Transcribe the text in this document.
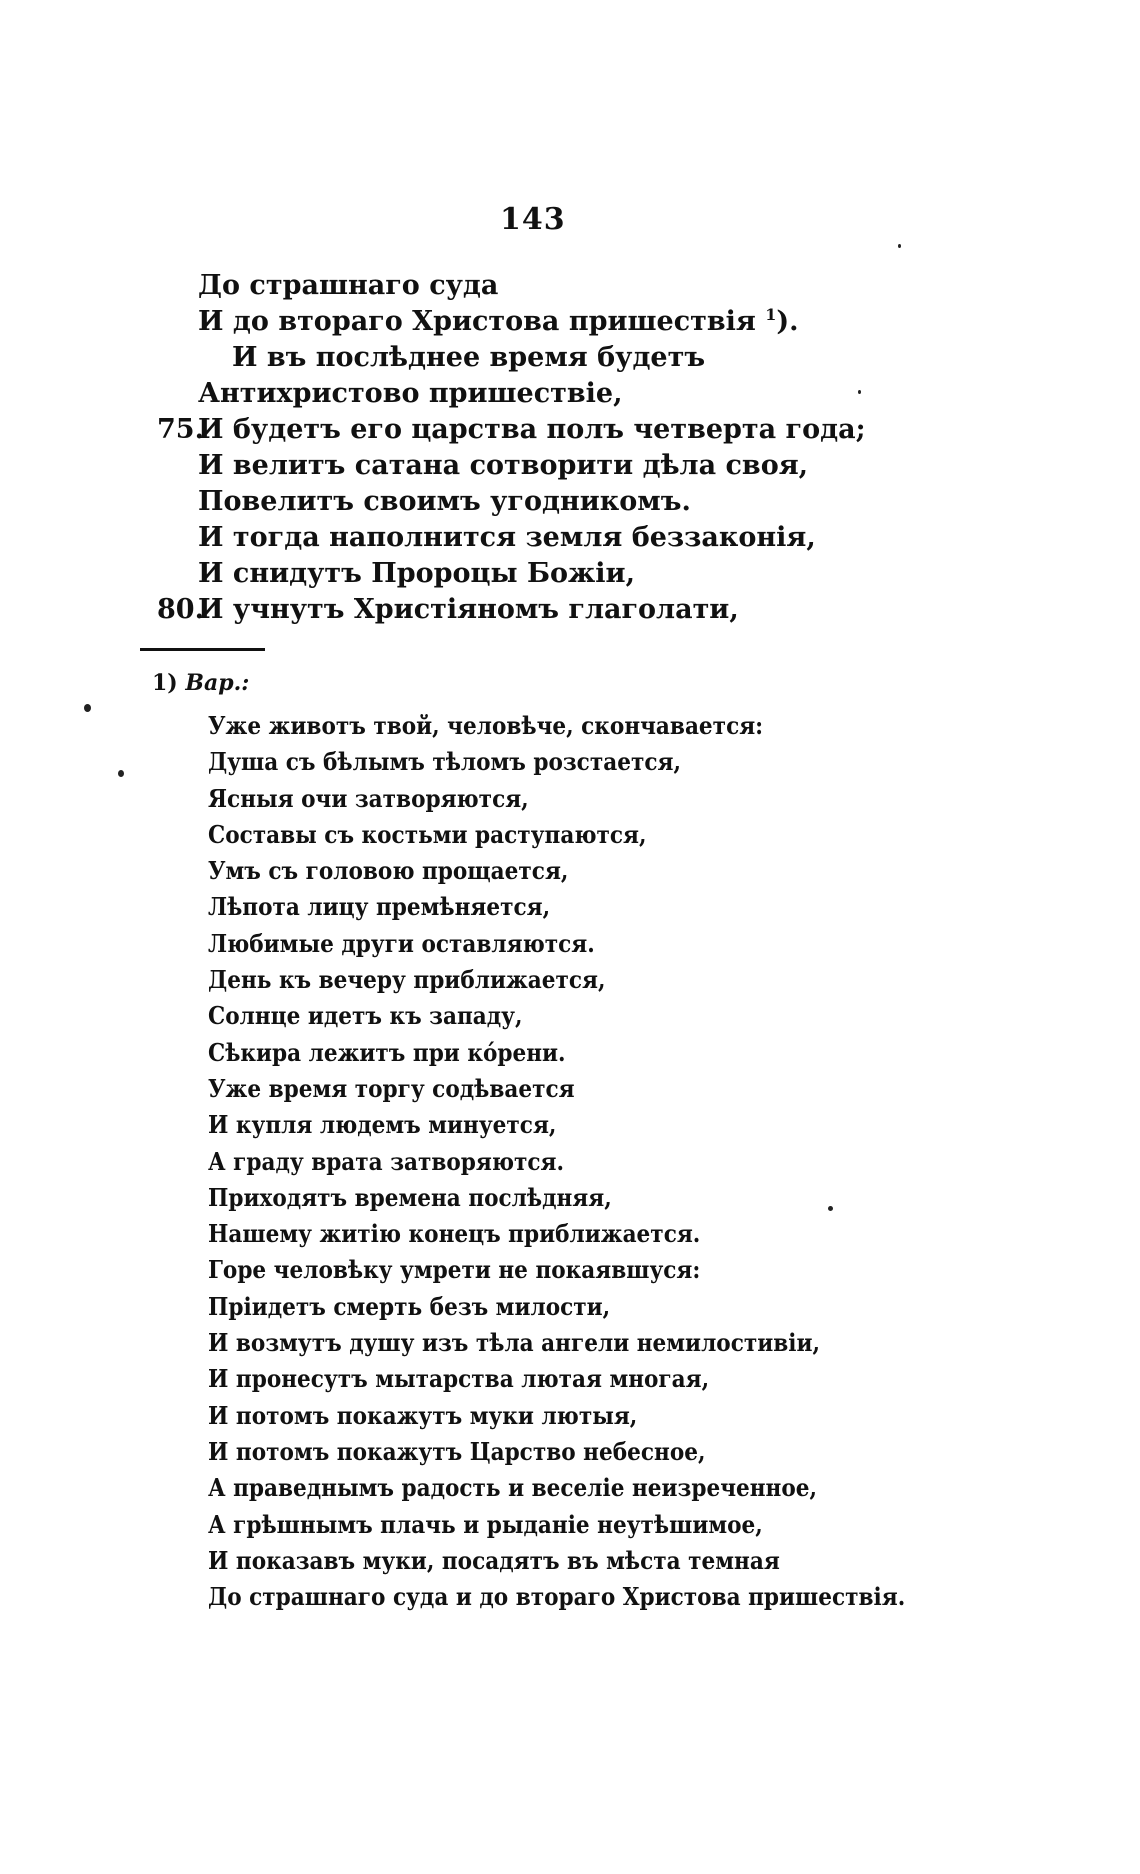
143
До страшнаго суда
И до втораго Христова пришествія $^1$).
И въ послѣднее время будетъ
Антихристово пришествіе,
75.
И будетъ его царства полъ четверта года;
И велитъ сатана сотворити дѣла своя,
Повелитъ своимъ угодникомъ.
И тогда наполнится земля беззаконія,
И снидутъ Пророцы Божіи,
80.
И учнутъ Христіяномъ глаголати,
1) Вар.:
Уже животъ твой, человѣче, скончавается:
Душа съ бѣлымъ тѣломъ розстается,
Ясныя очи затворяются,
Составы съ костьми раступаются,
Умъ съ головою прощается,
Лѣпота лицу премѣняется,
Любимые други оставляются.
День къ вечеру приближается,
Солнце идетъ къ западу,
Сѣкира лежитъ при кóрени.
Уже время торгу содѣвается
И купля людемъ минуется,
А граду врата затворяются.
Приходятъ времена послѣдняя,
Нашему житію конецъ приближается.
Горе человѣку умрети не покаявшуся:
Пріидетъ смерть безъ милости,
И возмутъ душу изъ тѣла ангели немилостивіи,
И пронесутъ мытарства лютая многая,
И потомъ покажутъ муки лютыя,
И потомъ покажутъ Царство небесное,
А праведнымъ радость и веселіе неизреченное,
А грѣшнымъ плачь и рыданіе неутѣшимое,
И показавъ муки, посадятъ въ мѣста темная
До страшнаго суда и до втораго Христова пришествія.
